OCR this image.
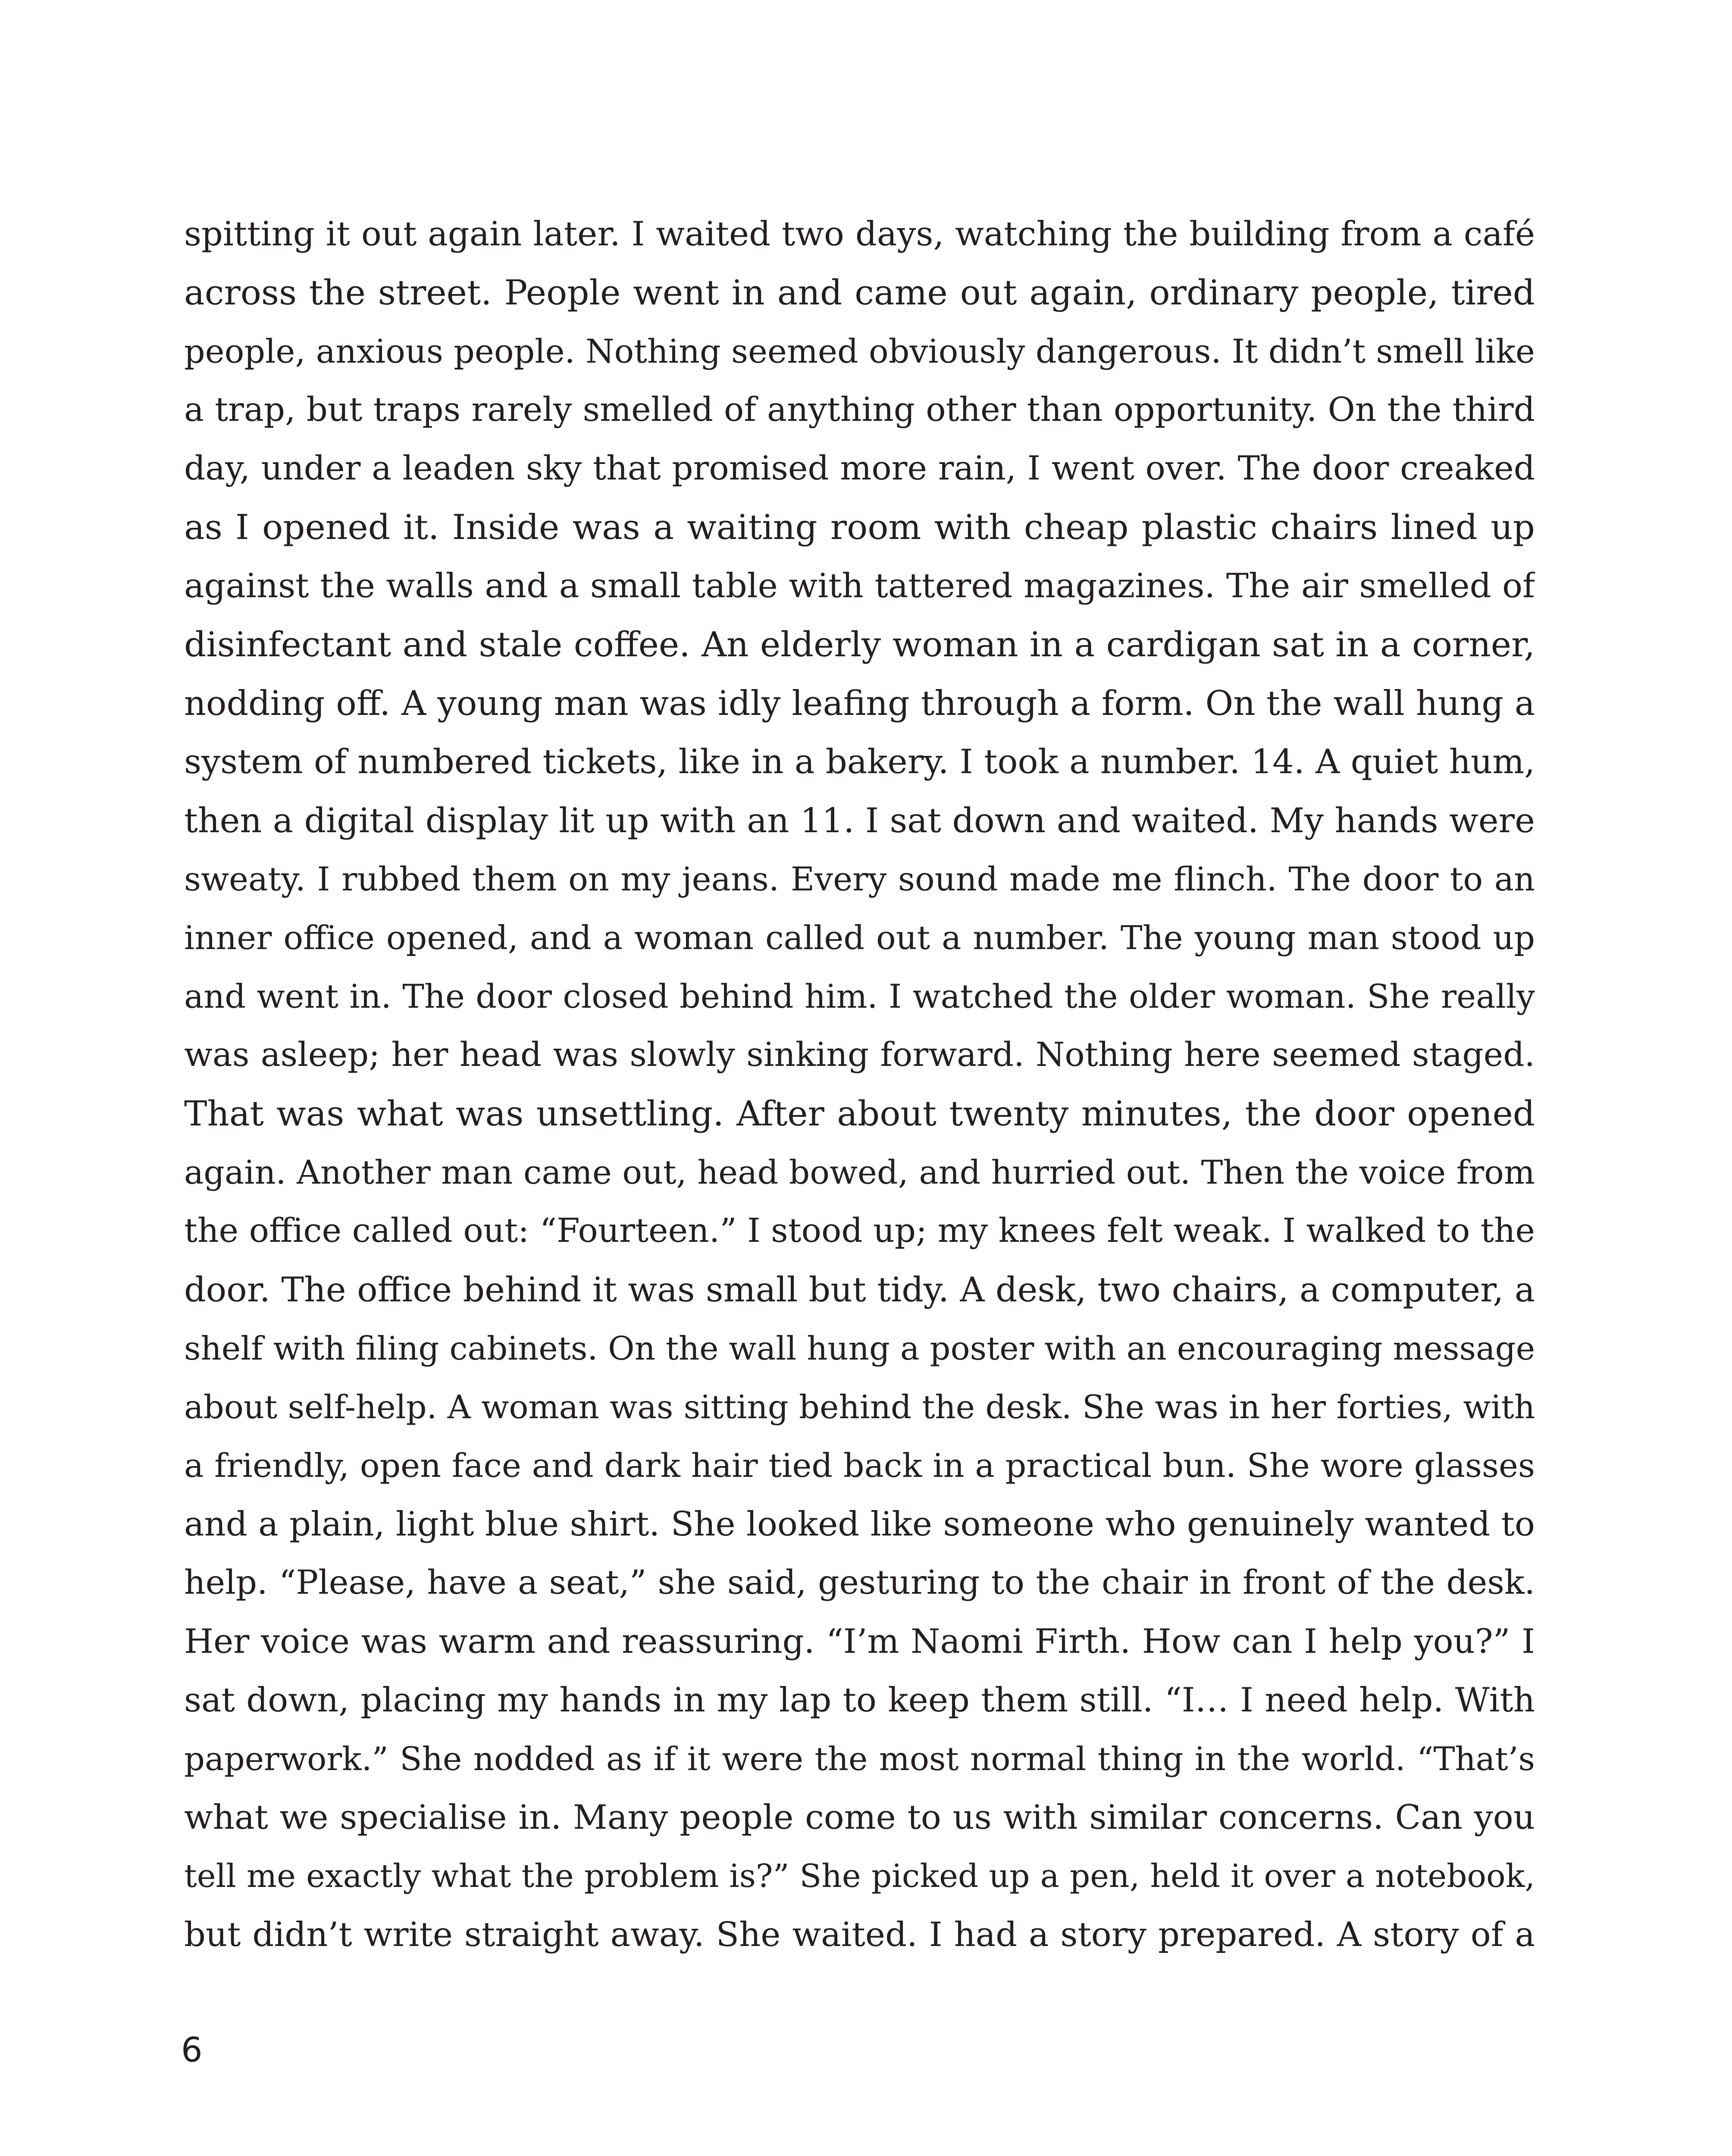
spitting it out again later. I waited two days, watching the building from a café
across the street. People went in and came out again, ordinary people, tired
people, anxious people. Nothing seemed obviously dangerous. It didn’t smell like
a trap, but traps rarely smelled of anything other than opportunity. On the third
day, under a leaden sky that promised more rain, I went over. The door creaked
as I opened it. Inside was a waiting room with cheap plastic chairs lined up
against the walls and a small table with tattered magazines. The air smelled of
disinfectant and stale coffee. An elderly woman in a cardigan sat in a corner,
nodding off. A young man was idly leafing through a form. On the wall hung a
system of numbered tickets, like in a bakery. I took a number. 14. A quiet hum,
then a digital display lit up with an 11. I sat down and waited. My hands were
sweaty. I rubbed them on my jeans. Every sound made me flinch. The door to an
inner office opened, and a woman called out a number. The young man stood up
and went in. The door closed behind him. I watched the older woman. She really
was asleep; her head was slowly sinking forward. Nothing here seemed staged.
That was what was unsettling. After about twenty minutes, the door opened
again. Another man came out, head bowed, and hurried out. Then the voice from
the office called out: “Fourteen.” I stood up; my knees felt weak. I walked to the
door. The office behind it was small but tidy. A desk, two chairs, a computer, a
shelf with filing cabinets. On the wall hung a poster with an encouraging message
about self-help. A woman was sitting behind the desk. She was in her forties, with
a friendly, open face and dark hair tied back in a practical bun. She wore glasses
and a plain, light blue shirt. She looked like someone who genuinely wanted to
help. “Please, have a seat,” she said, gesturing to the chair in front of the desk.
Her voice was warm and reassuring. “I’m Naomi Firth. How can I help you?” I
sat down, placing my hands in my lap to keep them still. “I… I need help. With
paperwork.” She nodded as if it were the most normal thing in the world. “That’s
what we specialise in. Many people come to us with similar concerns. Can you
tell me exactly what the problem is?” She picked up a pen, held it over a notebook,
but didn’t write straight away. She waited. I had a story prepared. A story of a
6
